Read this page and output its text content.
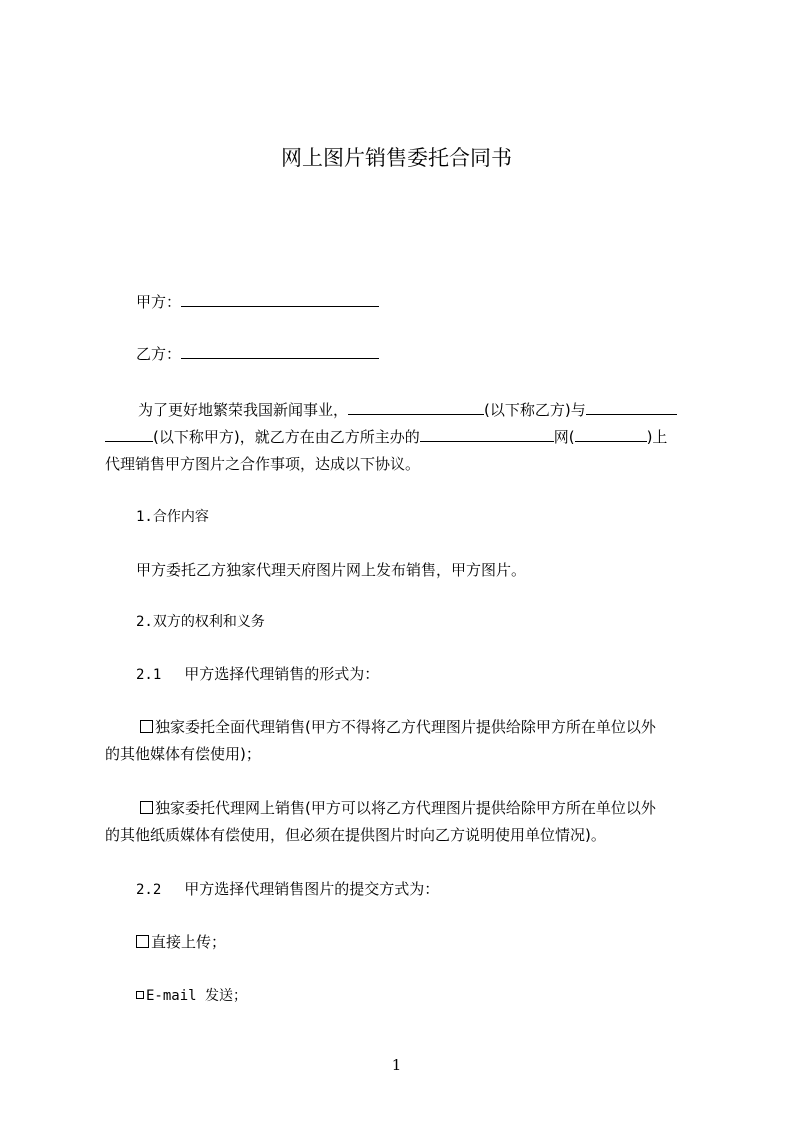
网上图片销售委托合同书
甲方：
乙方：
为了更好地繁荣我国新闻事业，	(以下称乙方)与
(以下称甲方)，就乙方在由乙方所主办的	网(	)上
代理销售甲方图片之合作事项，达成以下协议。
1.合作内容
甲方委托乙方独家代理天府图片网上发布销售，甲方图片。
2.双方的权利和义务
2.1 甲方选择代理销售的形式为：
独家委托全面代理销售(甲方不得将乙方代理图片提供给除甲方所在单位以外
的其他媒体有偿使用)；
独家委托代理网上销售(甲方可以将乙方代理图片提供给除甲方所在单位以外
的其他纸质媒体有偿使用，但必须在提供图片时向乙方说明使用单位情况)。
2.2 甲方选择代理销售图片的提交方式为：
直接上传；
E-mail 发送；
1
